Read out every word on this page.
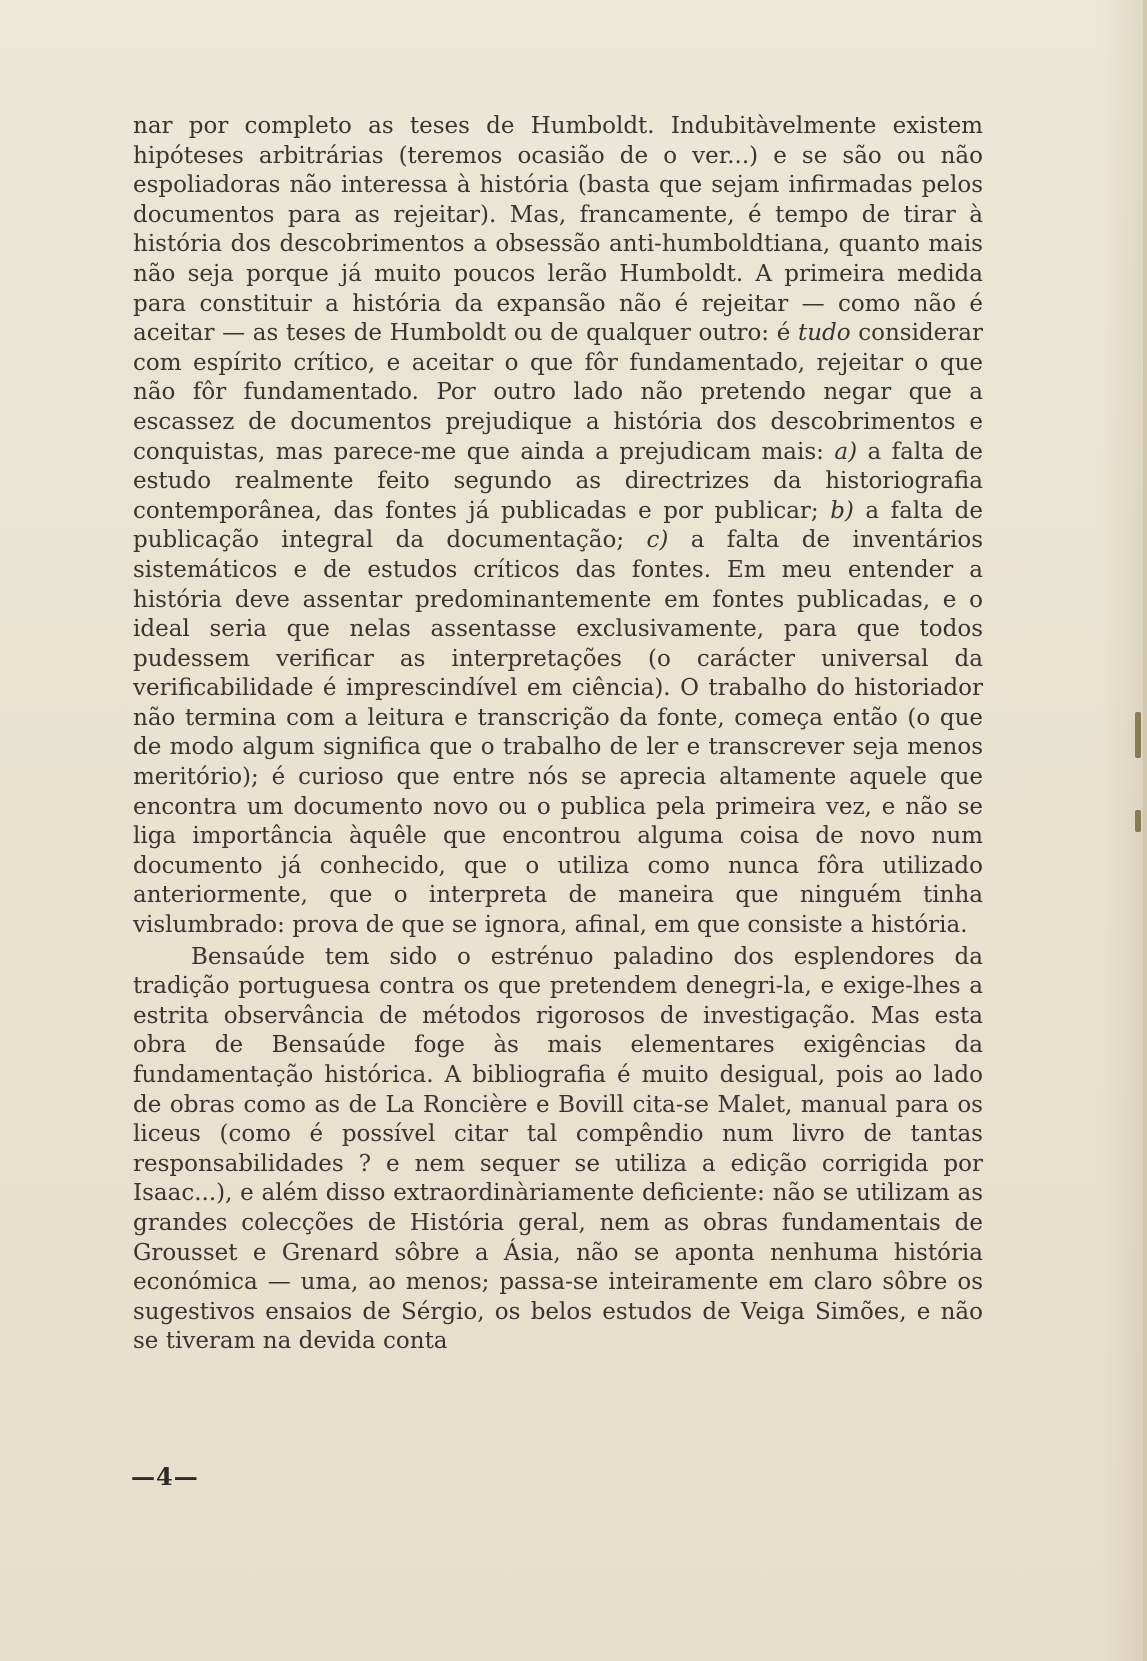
nar por completo as teses de Humboldt. Indubitàvelmente existem hipóteses arbitrárias (teremos ocasião de o ver...) e se são ou não espoliadoras não interessa à história (basta que sejam infirmadas pelos documentos para as rejeitar). Mas, francamente, é tempo de tirar à história dos descobrimentos a obsessão anti-humboldtiana, quanto mais não seja porque já muito poucos lerão Humboldt. A primeira medida para constituir a história da expansão não é rejeitar — como não é aceitar — as teses de Humboldt ou de qualquer outro: é tudo considerar com espírito crítico, e aceitar o que fôr fundamentado, rejeitar o que não fôr fundamentado. Por outro lado não pretendo negar que a escassez de documentos prejudique a história dos descobrimentos e conquistas, mas parece-me que ainda a prejudicam mais: a) a falta de estudo realmente feito segundo as directrizes da historiografia contemporânea, das fontes já publicadas e por publicar; b) a falta de publicação integral da documentação; c) a falta de inventários sistemáticos e de estudos críticos das fontes. Em meu entender a história deve assentar predominantemente em fontes publicadas, e o ideal seria que nelas assentasse exclusivamente, para que todos pudessem verificar as interpretações (o carácter universal da verificabilidade é imprescindível em ciência). O trabalho do historiador não termina com a leitura e transcrição da fonte, começa então (o que de modo algum significa que o trabalho de ler e transcrever seja menos meritório); é curioso que entre nós se aprecia altamente aquele que encontra um documento novo ou o publica pela primeira vez, e não se liga importância àquêle que encontrou alguma coisa de novo num documento já conhecido, que o utiliza como nunca fôra utilizado anteriormente, que o interpreta de maneira que ninguém tinha vislumbrado: prova de que se ignora, afinal, em que consiste a história.

Bensaúde tem sido o estrénuo paladino dos esplendores da tradição portuguesa contra os que pretendem denegri-la, e exige-lhes a estrita observância de métodos rigorosos de investigação. Mas esta obra de Bensaúde foge às mais elementares exigências da fundamentação histórica. A bibliografia é muito desigual, pois ao lado de obras como as de La Roncière e Bovill cita-se Malet, manual para os liceus (como é possível citar tal compêndio num livro de tantas responsabilidades ? e nem sequer se utiliza a edição corrigida por Isaac...), e além disso extraordinàriamente deficiente: não se utilizam as grandes colecções de História geral, nem as obras fundamentais de Grousset e Grenard sôbre a Ásia, não se aponta nenhuma história económica — uma, ao menos; passa-se inteiramente em claro sôbre os sugestivos ensaios de Sérgio, os belos estudos de Veiga Simões, e não se tiveram na devida conta

—4—
